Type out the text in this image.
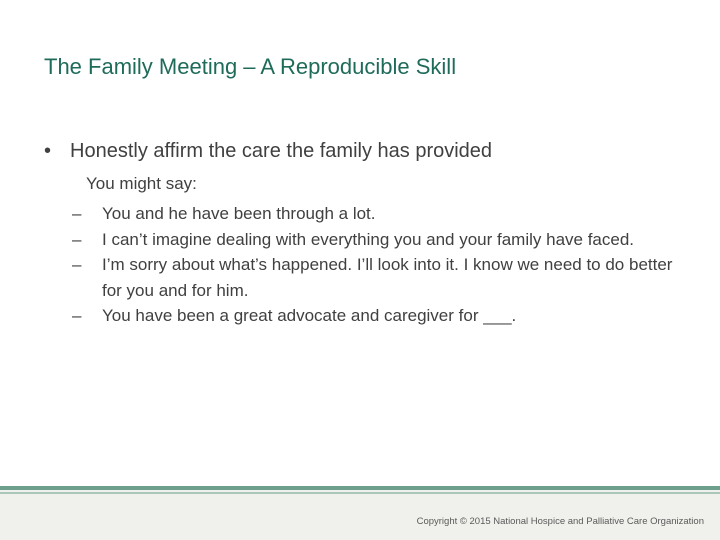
The Family Meeting – A Reproducible Skill
• Honestly affirm the care the family has provided
You might say:
– You and he have been through a lot.
– I can’t imagine dealing with everything you and your family have faced.
– I’m sorry about what’s happened. I’ll look into it. I know we need to do better for you and for him.
– You have been a great advocate and caregiver for ___.
Copyright © 2015 National Hospice and Palliative Care Organization
